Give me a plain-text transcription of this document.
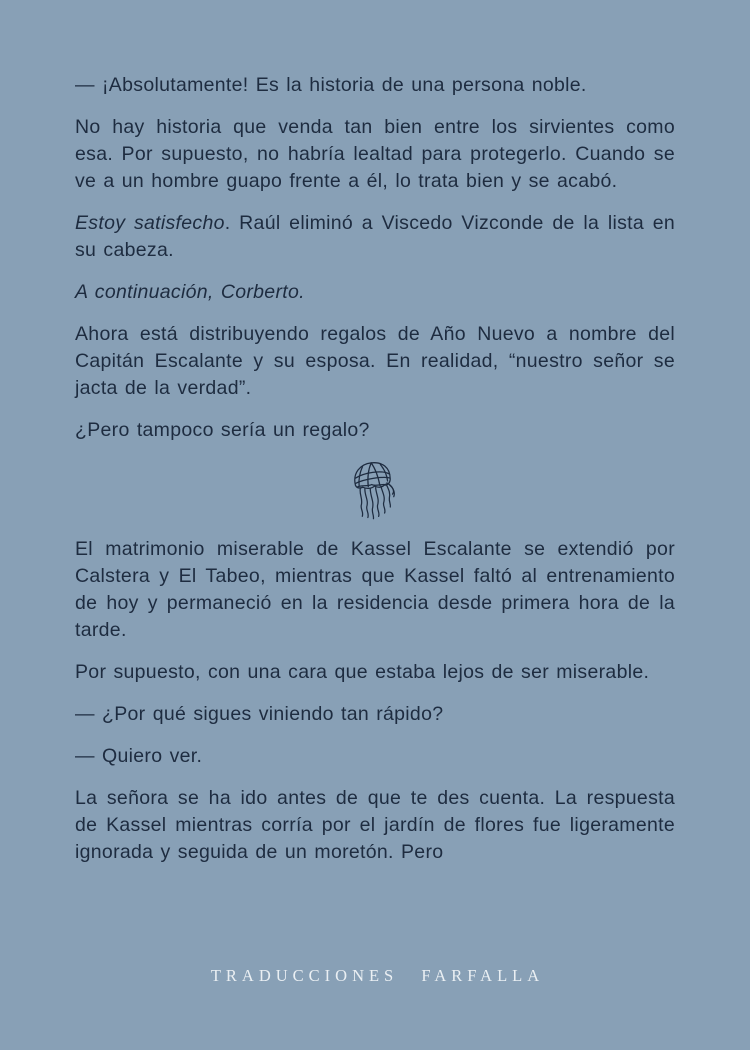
— ¡Absolutamente! Es la historia de una persona noble.

No hay historia que venda tan bien entre los sirvientes como esa. Por supuesto, no habría lealtad para protegerlo. Cuando se ve a un hombre guapo frente a él, lo trata bien y se acabó.

Estoy satisfecho. Raúl eliminó a Viscedo Vizconde de la lista en su cabeza.

A continuación, Corberto.

Ahora está distribuyendo regalos de Año Nuevo a nombre del Capitán Escalante y su esposa. En realidad, “nuestro señor se jacta de la verdad”.

¿Pero tampoco sería un regalo?

El matrimonio miserable de Kassel Escalante se extendió por Calstera y El Tabeo, mientras que Kassel faltó al entrenamiento de hoy y permaneció en la residencia desde primera hora de la tarde.

Por supuesto, con una cara que estaba lejos de ser miserable.

— ¿Por qué sigues viniendo tan rápido?

— Quiero ver.

La señora se ha ido antes de que te des cuenta. La respuesta de Kassel mientras corría por el jardín de flores fue ligeramente ignorada y seguida de un moretón. Pero

TRADUCCIONES FARFALLA
